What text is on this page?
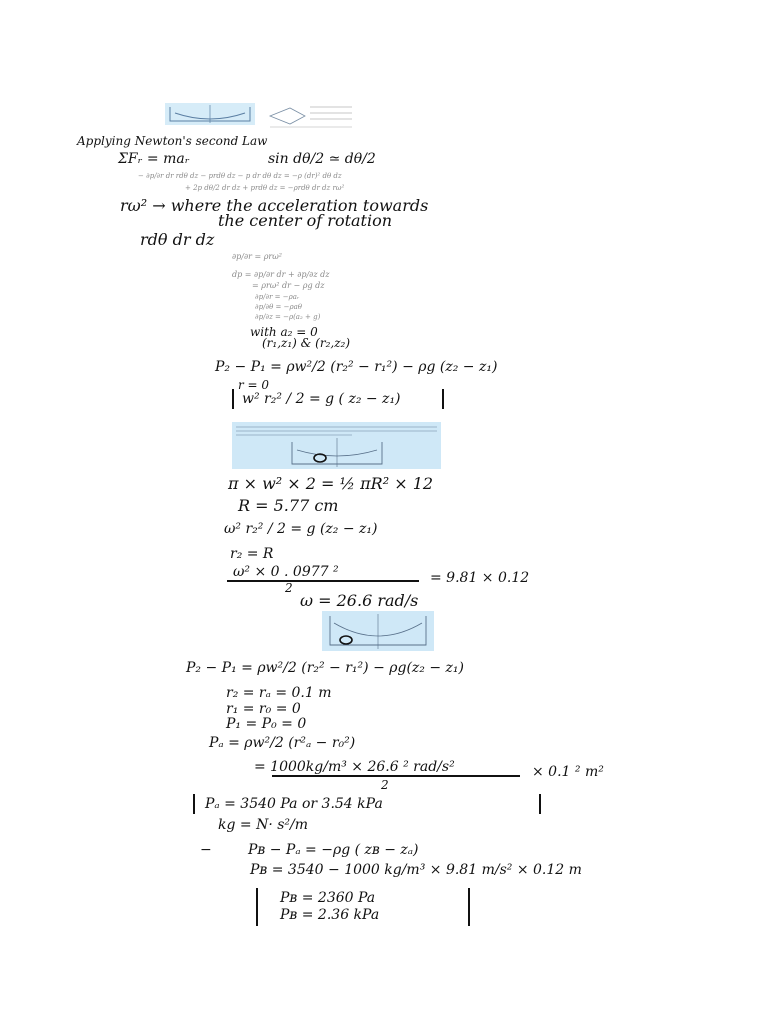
Applying Newton's second Law
ΣFᵣ = maᵣ	sin dθ/2 ≃ dθ/2
− ∂p/∂r dr rdθ dz − prdθ dz − p dr dθ dz = −ρ (dr)² dθ dz
+ 2p dθ/2 dr dz + prdθ dz = −ρrdθ dr dz rω²
rω² → where the acceleration towards
the center of rotation
rdθ dr dz
∂p/∂r = ρrω²
dp = ∂p/∂r dr + ∂p/∂z dz
= ρrω² dr − ρg dz
∂p/∂r = −ρaᵣ
∂p/∂θ = −ρaθ
∂p/∂z = −ρ(a₂ + g)
with a₂ = 0
(r₁,z₁) & (r₂,z₂)
P₂ − P₁ = ρw²/2 (r₂² − r₁²) − ρg (z₂ − z₁)
r = 0
w² r₂² / 2 = g ( z₂ − z₁)
π × w² × 2 = ½ πR² × 12
R = 5.77 cm
ω² r₂² / 2 = g (z₂ − z₁)
r₂ = R
ω² × 0 . 0977 ²	= 9.81 × 0.12
2
ω = 26.6 rad/s
P₂ − P₁ = ρw²/2 (r₂² − r₁²) − ρg(z₂ − z₁)
r₂ = rₐ = 0.1 m
r₁ = r₀ = 0
P₁ = P₀ = 0
Pₐ = ρw²/2 (r²ₐ − r₀²)
= 1000kg/m³ × 26.6 ² rad/s²	× 0.1 ² m²
2
Pₐ = 3540 Pa or 3.54 kPa
kg = N· s²/m
−	Pʙ − Pₐ = −ρg ( zʙ − zₐ)
Pʙ = 3540 − 1000 kg/m³ × 9.81 m/s² × 0.12 m
Pʙ = 2360 Pa
Pʙ = 2.36 kPa
